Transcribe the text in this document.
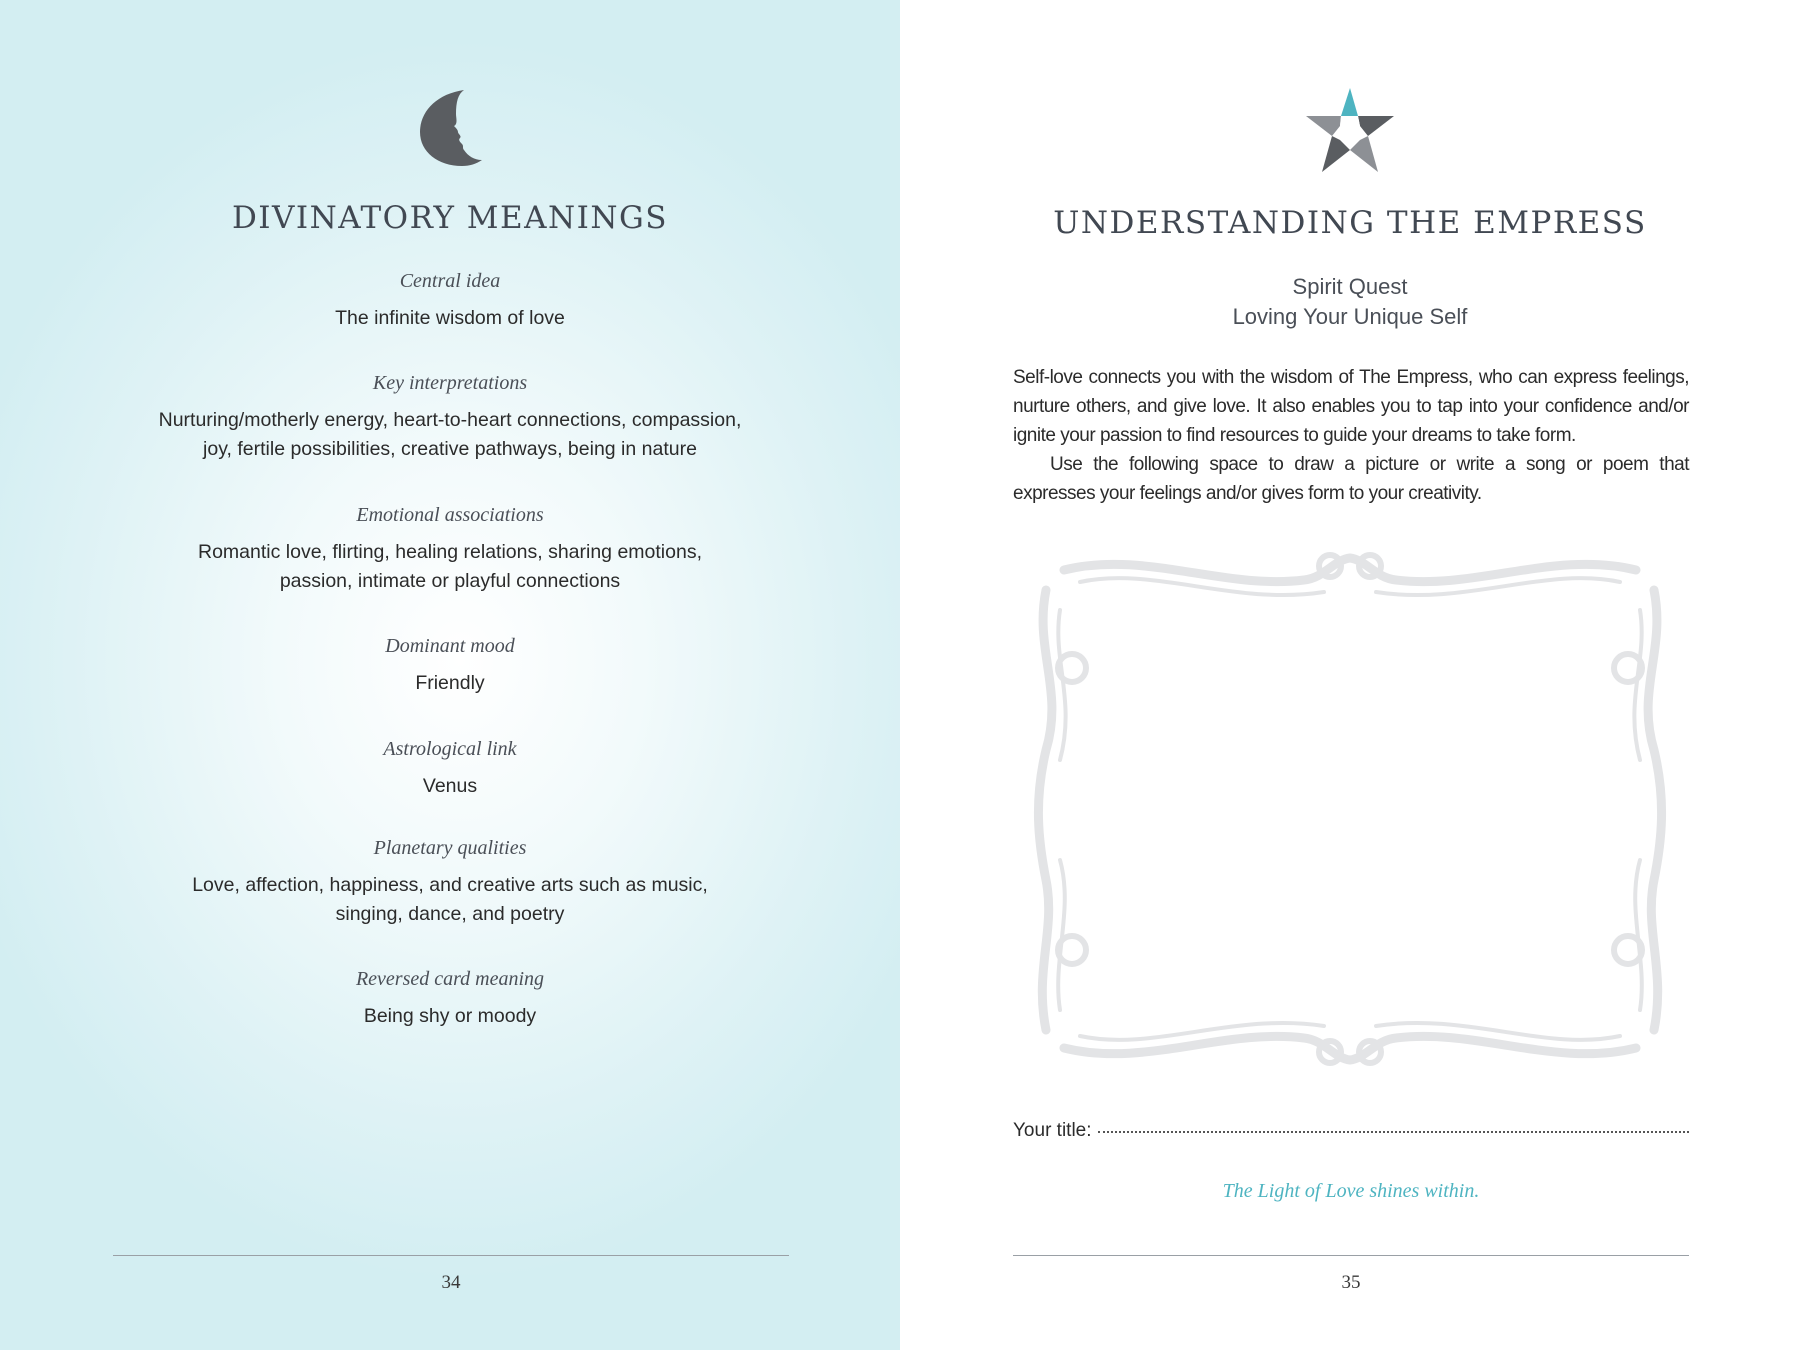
DIVINATORY MEANINGS

Central idea

The infinite wisdom of love

Key interpretations

Nurturing/motherly energy, heart-to-heart connections, compassion,

joy, fertile possibilities, creative pathways, being in nature

Emotional associations

Romantic love, flirting, healing relations, sharing emotions,

passion, intimate or playful connections

Dominant mood

Friendly

Astrological link

Venus

Planetary qualities

Love, affection, happiness, and creative arts such as music,

singing, dance, and poetry

Reversed card meaning

Being shy or moody

34
UNDERSTANDING THE EMPRESS

Spirit Quest

Loving Your Unique Self

Self-love connects you with the wisdom of The Empress, who can express feelings, nurture others, and give love. It also enables you to tap into your confidence and/or ignite your passion to find resources to guide your dreams to take form.

Use the following space to draw a picture or write a song or poem that expresses your feelings and/or gives form to your creativity.

Your title:
The Light of Love shines within.
35
